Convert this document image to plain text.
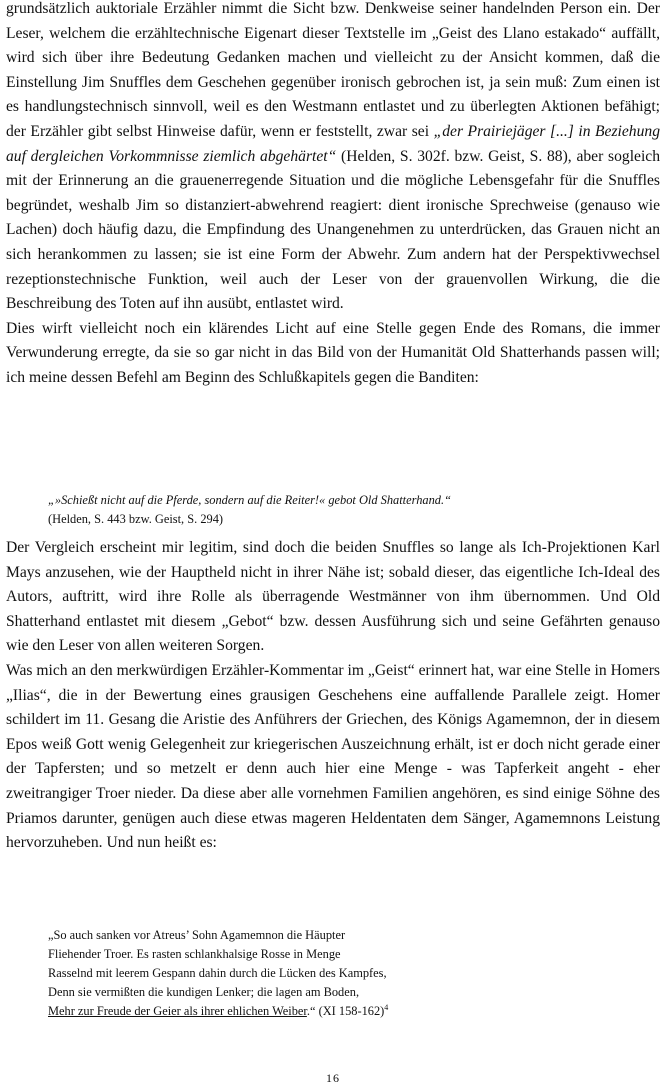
grundsätzlich auktoriale Erzähler nimmt die Sicht bzw. Denkweise seiner handelnden Person ein. Der Leser, welchem die erzähltechnische Eigenart dieser Textstelle im „Geist des Llano estakado“ auffällt, wird sich über ihre Bedeutung Gedanken machen und vielleicht zu der Ansicht kommen, daß die Einstellung Jim Snuffles dem Geschehen gegenüber ironisch gebrochen ist, ja sein muß: Zum einen ist es handlungstechnisch sinnvoll, weil es den Westmann entlastet und zu überlegten Aktionen befähigt; der Erzähler gibt selbst Hinweise dafür, wenn er feststellt, zwar sei „der Prairiejäger [...] in Beziehung auf dergleichen Vorkommnisse ziemlich abgehärtet“ (Helden, S. 302f. bzw. Geist, S. 88), aber sogleich mit der Erinnerung an die grauenerregende Situation und die mögliche Lebensgefahr für die Snuffles begründet, weshalb Jim so distanziert-abwehrend reagiert: dient ironische Sprechweise (genauso wie Lachen) doch häufig dazu, die Empfindung des Unangenehmen zu unterdrücken, das Grauen nicht an sich herankommen zu lassen; sie ist eine Form der Abwehr. Zum andern hat der Perspektivwechsel rezeptionstechnische Funktion, weil auch der Leser von der grauenvollen Wirkung, die die Beschreibung des Toten auf ihn ausübt, entlastet wird.

Dies wirft vielleicht noch ein klärendes Licht auf eine Stelle gegen Ende des Romans, die immer Verwunderung erregte, da sie so gar nicht in das Bild von der Humanität Old Shatterhands passen will; ich meine dessen Befehl am Beginn des Schlußkapitels gegen die Banditen:

„»Schießt nicht auf die Pferde, sondern auf die Reiter!« gebot Old Shatterhand.“
(Helden, S. 443 bzw. Geist, S. 294)

Der Vergleich erscheint mir legitim, sind doch die beiden Snuffles so lange als Ich-Projektionen Karl Mays anzusehen, wie der Hauptheld nicht in ihrer Nähe ist; sobald dieser, das eigentliche Ich-Ideal des Autors, auftritt, wird ihre Rolle als überragende Westmänner von ihm übernommen. Und Old Shatterhand entlastet mit diesem „Gebot“ bzw. dessen Ausführung sich und seine Gefährten genauso wie den Leser von allen weiteren Sorgen.

Was mich an den merkwürdigen Erzähler-Kommentar im „Geist“ erinnert hat, war eine Stelle in Homers „Ilias“, die in der Bewertung eines grausigen Geschehens eine auffallende Parallele zeigt. Homer schildert im 11. Gesang die Aristie des Anführers der Griechen, des Königs Agamemnon, der in diesem Epos weiß Gott wenig Gelegenheit zur kriegerischen Auszeichnung erhält, ist er doch nicht gerade einer der Tapfersten; und so metzelt er denn auch hier eine Menge - was Tapferkeit angeht - eher zweitrangiger Troer nieder. Da diese aber alle vornehmen Familien angehören, es sind einige Söhne des Priamos darunter, genügen auch diese etwas mageren Heldentaten dem Sänger, Agamemnons Leistung hervorzuheben. Und nun heißt es:

„So auch sanken vor Atreus’ Sohn Agamemnon die Häupter
Fliehender Troer. Es rasten schlankhalsige Rosse in Menge
Rasselnd mit leerem Gespann dahin durch die Lücken des Kampfes,
Denn sie vermißten die kundigen Lenker; die lagen am Boden,
Mehr zur Freude der Geier als ihrer ehlichen Weiber.“ (XI 158-162)$^4$
16
